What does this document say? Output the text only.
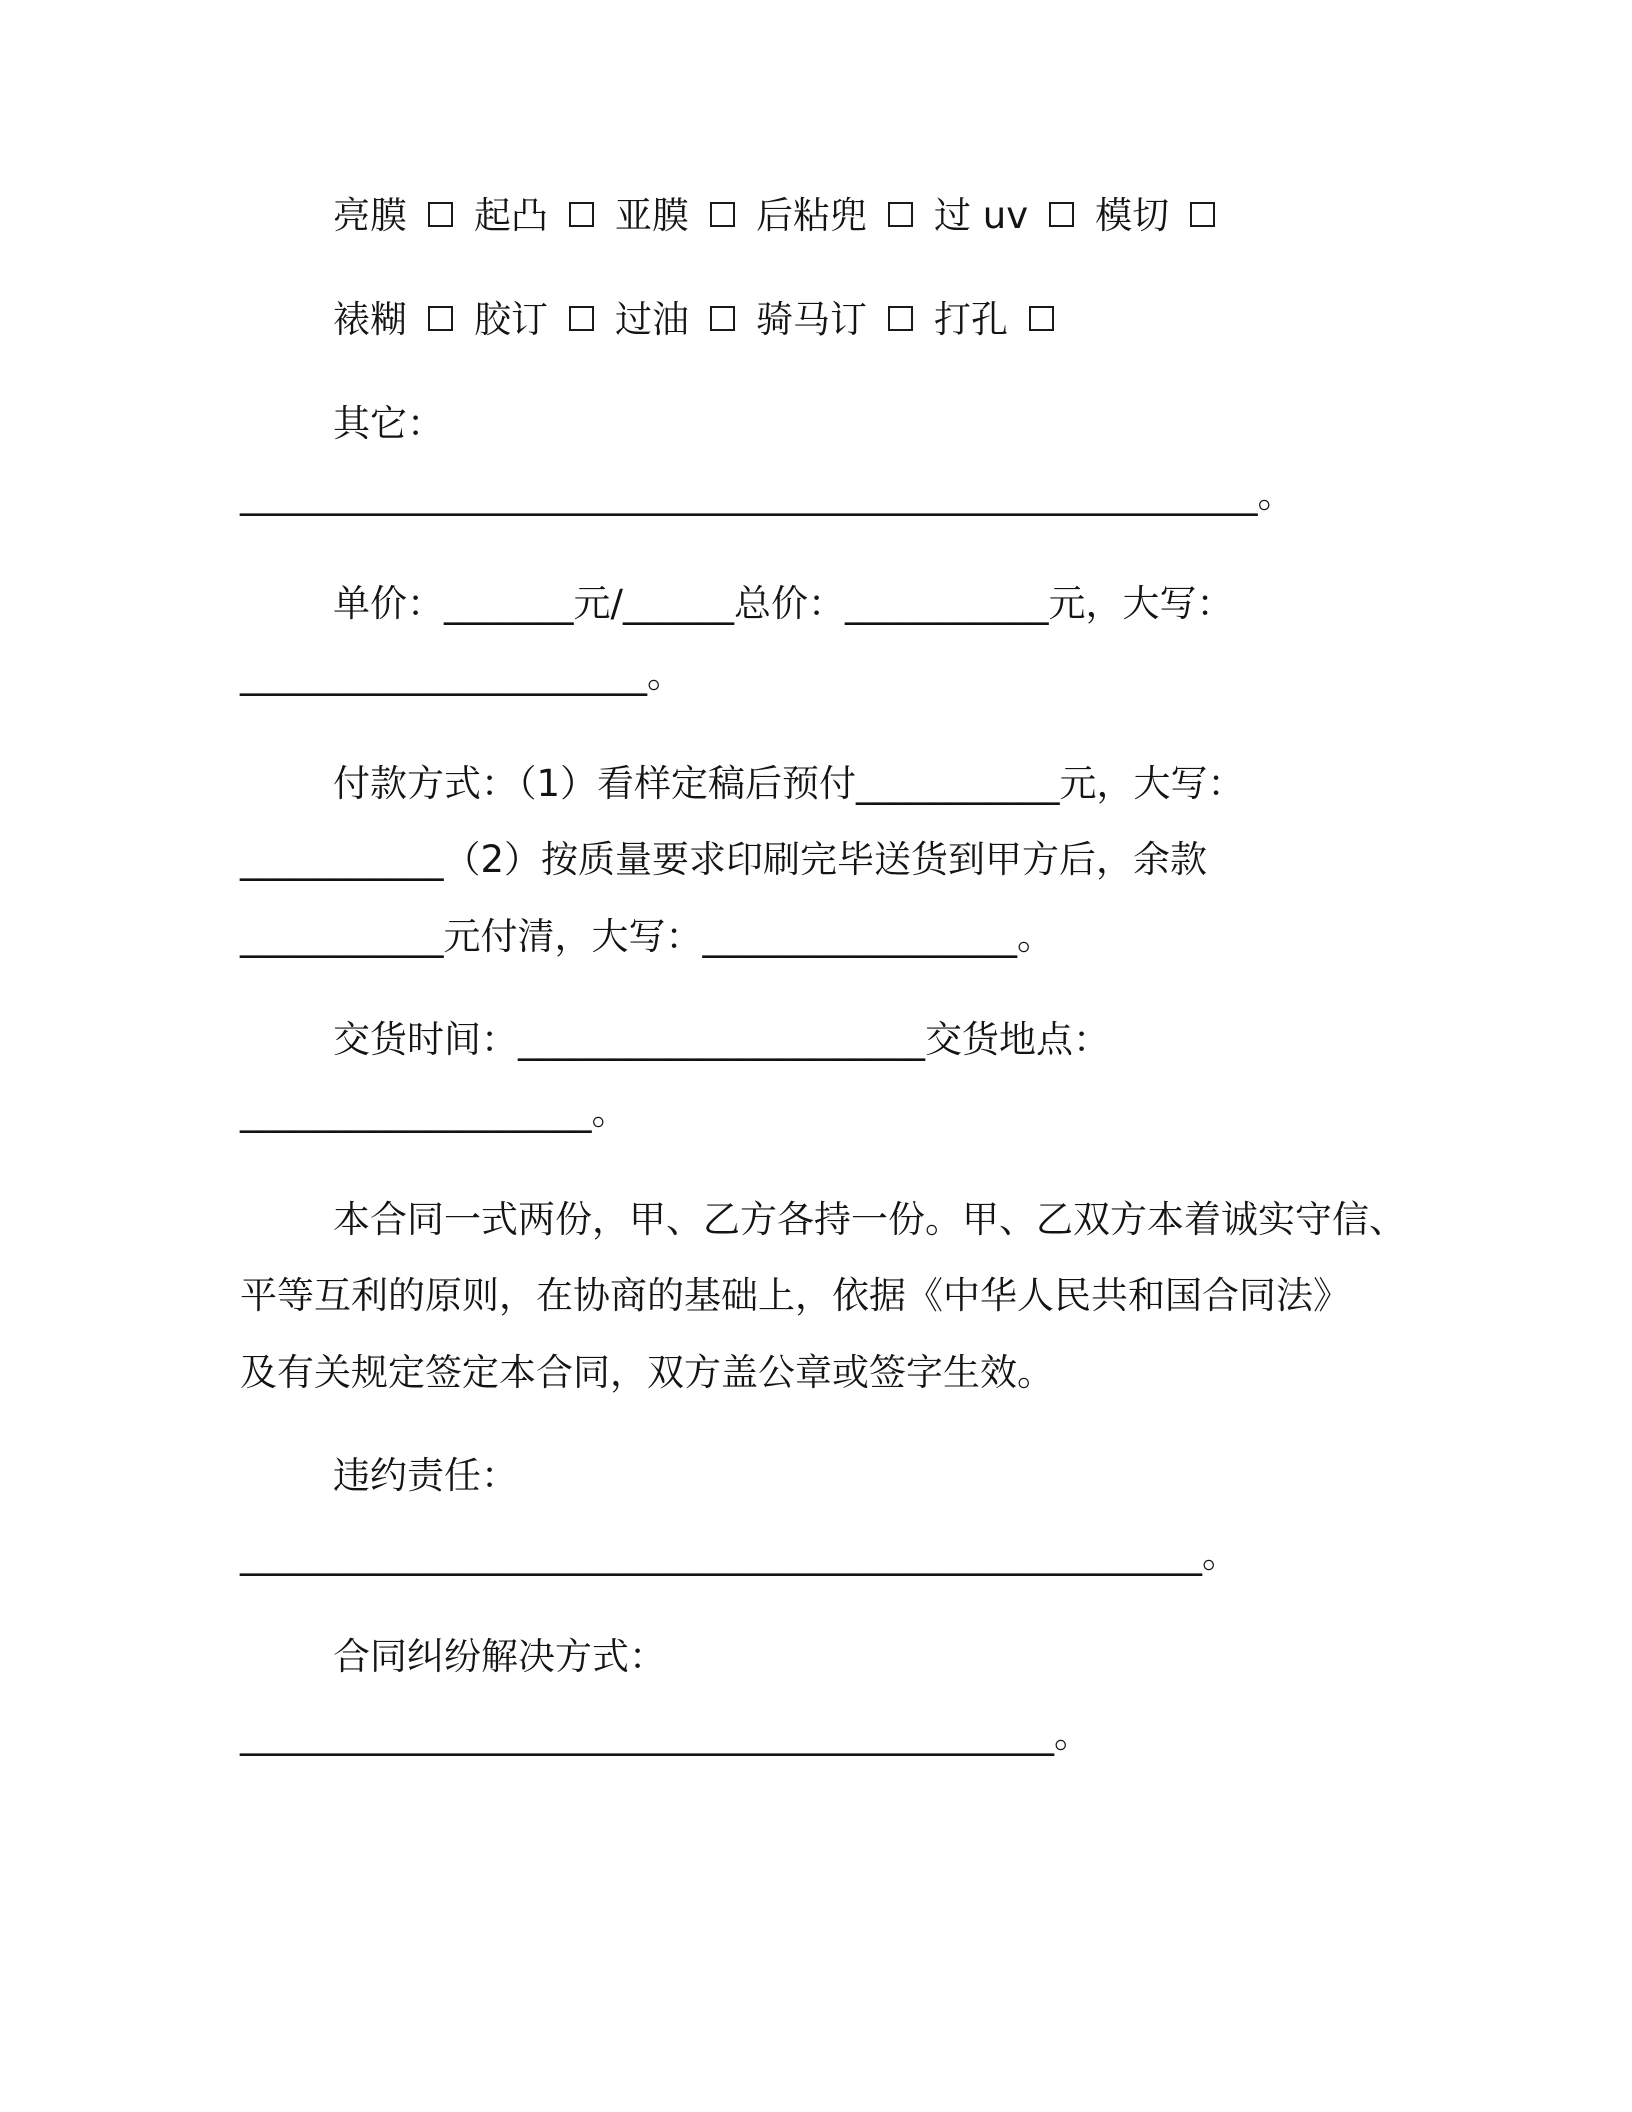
亮膜 起凸 亚膜 后粘兜 过 uv 模切
裱糊 胶订 过油 骑马订 打孔
其它：
_______________________________________________________。
单价：_______元/______总价：___________元，大写：
______________________。
付款方式：（1）看样定稿后预付___________元，大写：
___________（2）按质量要求印刷完毕送货到甲方后，余款
___________元付清，大写：_________________。
交货时间：______________________交货地点：
___________________。
本合同一式两份，甲、乙方各持一份。甲、乙双方本着诚实守信、
平等互利的原则，在协商的基础上，依据《中华人民共和国合同法》
及有关规定签定本合同，双方盖公章或签字生效。
违约责任：
____________________________________________________。
合同纠纷解决方式：
____________________________________________。
